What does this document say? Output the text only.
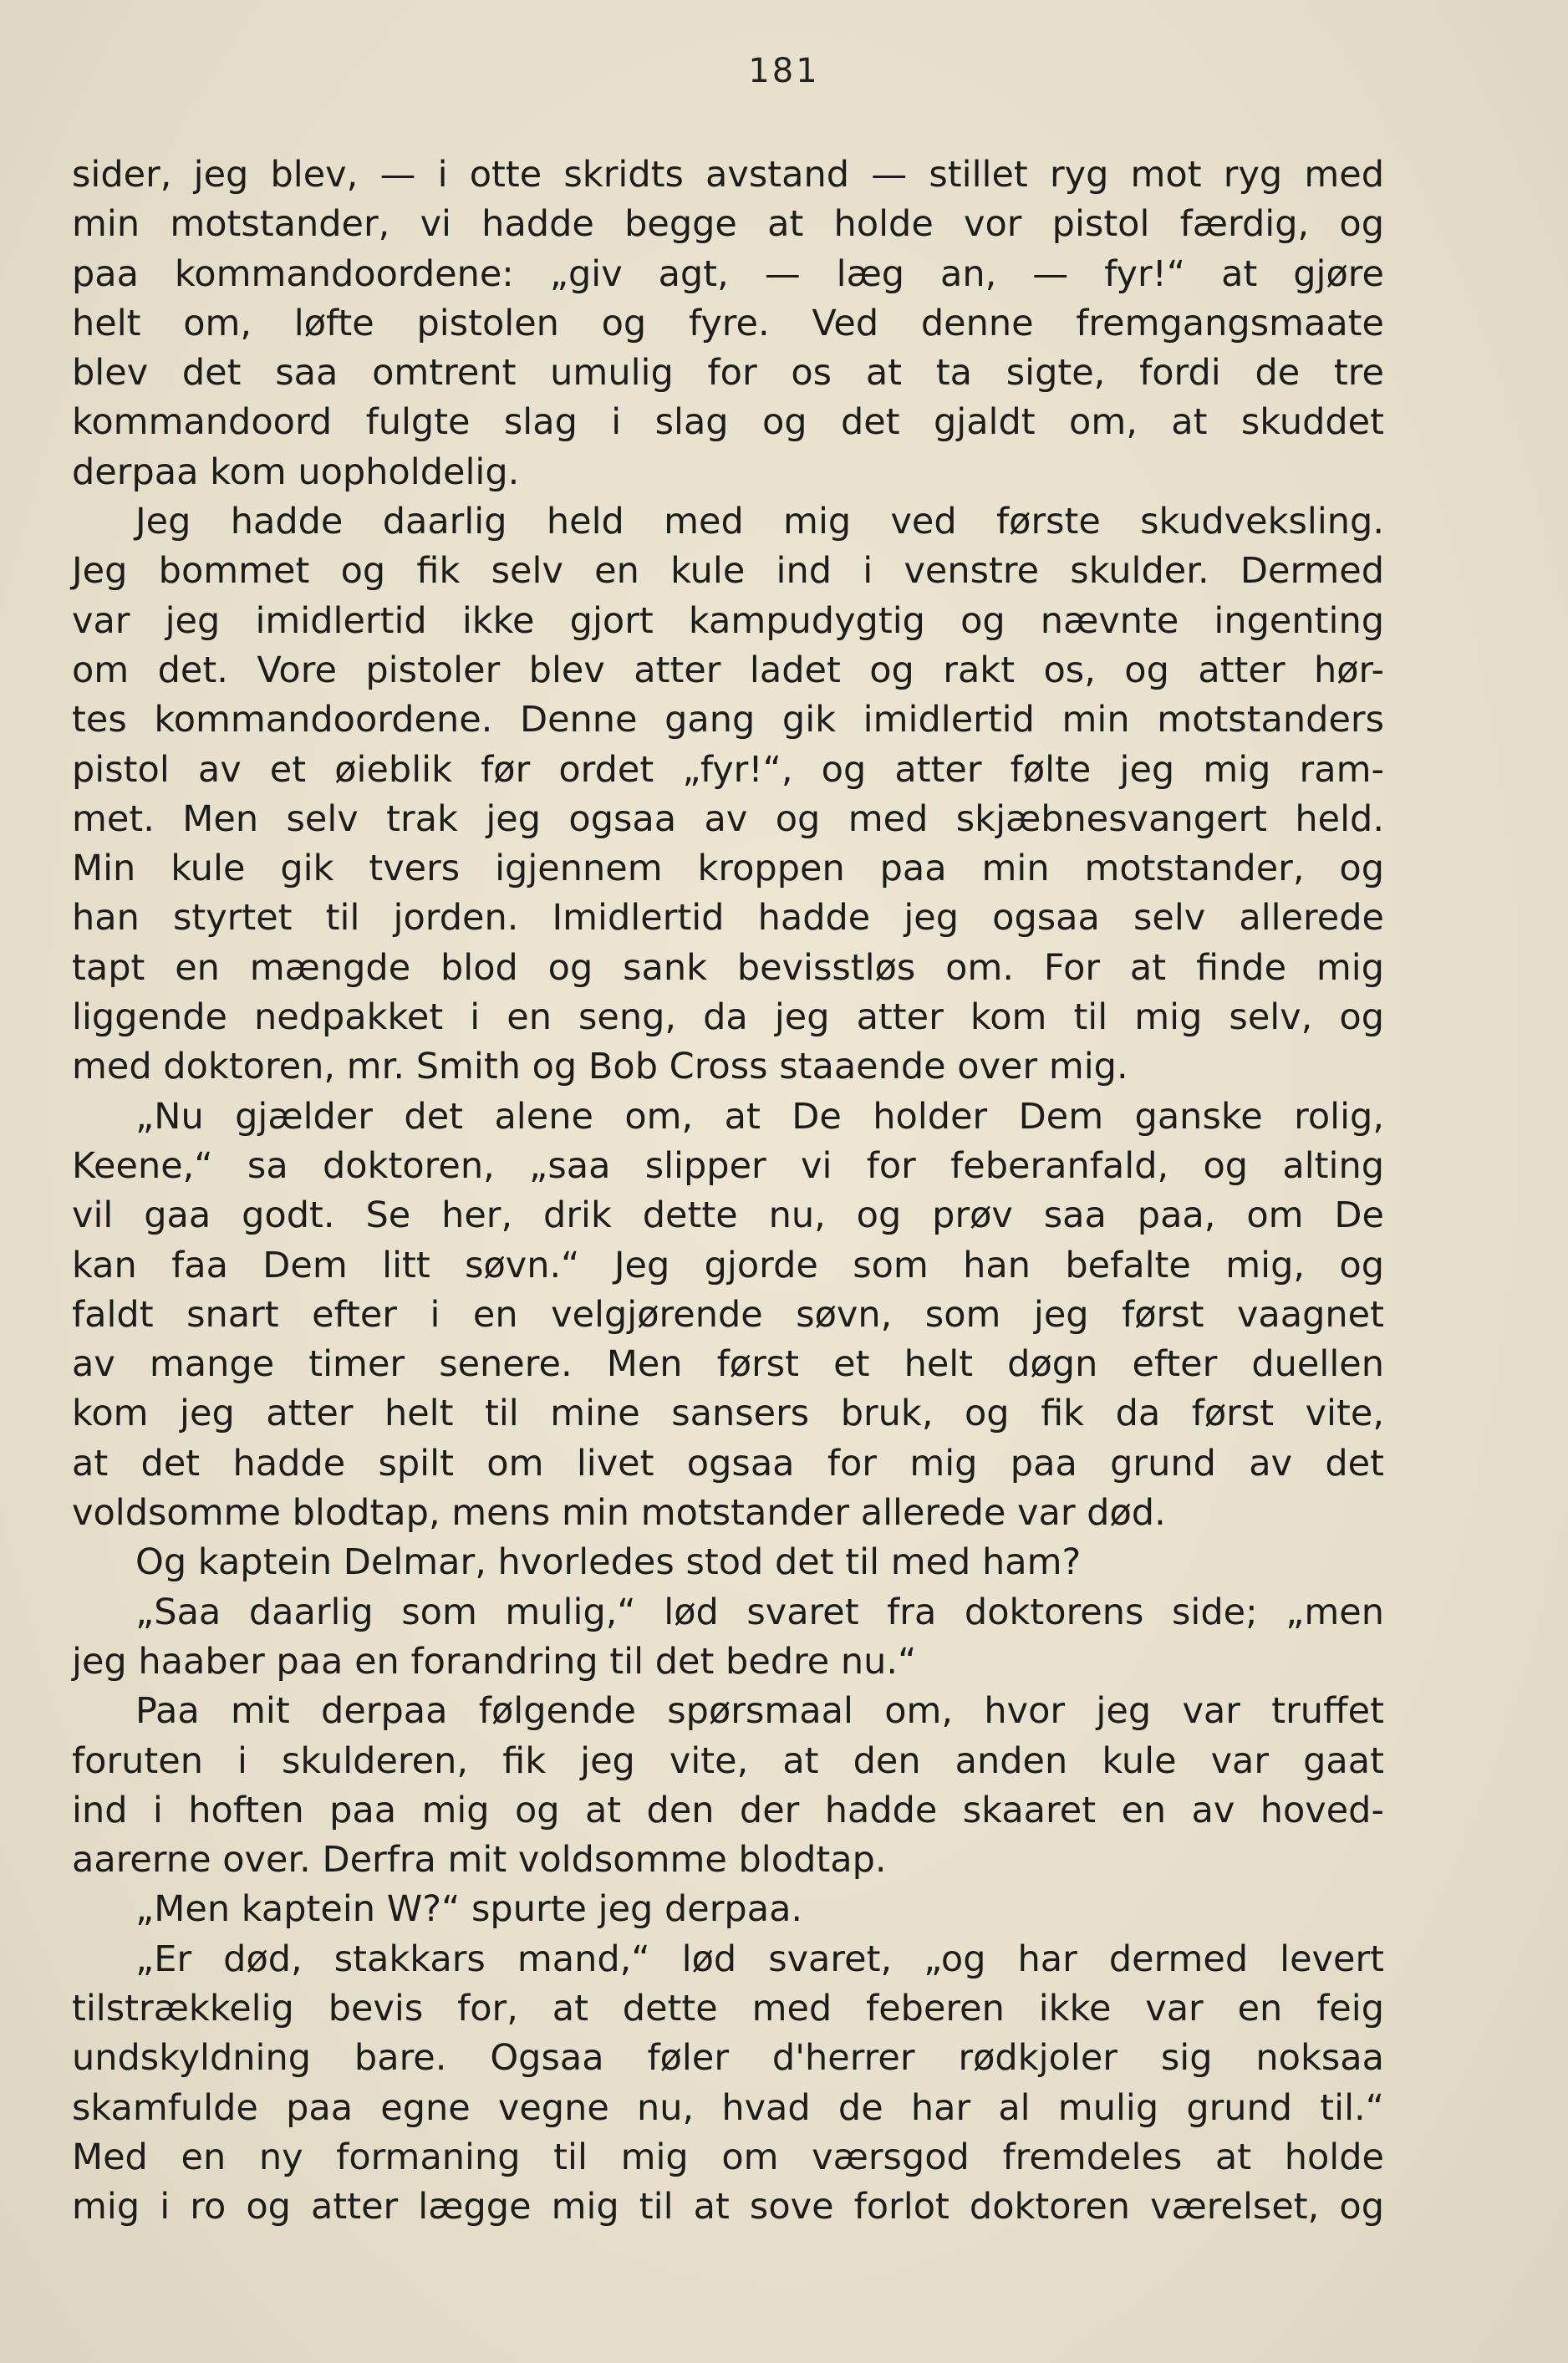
181
sider, jeg blev, — i otte skridts avstand — stillet ryg mot ryg med
min motstander, vi hadde begge at holde vor pistol færdig, og
paa kommandoordene: „giv agt, — læg an, — fyr!“ at gjøre
helt om, løfte pistolen og fyre. Ved denne fremgangsmaate
blev det saa omtrent umulig for os at ta sigte, fordi de tre
kommandoord fulgte slag i slag og det gjaldt om, at skuddet
derpaa kom uopholdelig.
Jeg hadde daarlig held med mig ved første skudveksling.
Jeg bommet og fik selv en kule ind i venstre skulder. Dermed
var jeg imidlertid ikke gjort kampudygtig og nævnte ingenting
om det. Vore pistoler blev atter ladet og rakt os, og atter hør-
tes kommandoordene. Denne gang gik imidlertid min motstanders
pistol av et øieblik før ordet „fyr!“, og atter følte jeg mig ram-
met. Men selv trak jeg ogsaa av og med skjæbnesvangert held.
Min kule gik tvers igjennem kroppen paa min motstander, og
han styrtet til jorden. Imidlertid hadde jeg ogsaa selv allerede
tapt en mængde blod og sank bevisstløs om. For at finde mig
liggende nedpakket i en seng, da jeg atter kom til mig selv, og
med doktoren, mr. Smith og Bob Cross staaende over mig.
„Nu gjælder det alene om, at De holder Dem ganske rolig,
Keene,“ sa doktoren, „saa slipper vi for feberanfald, og alting
vil gaa godt. Se her, drik dette nu, og prøv saa paa, om De
kan faa Dem litt søvn.“ Jeg gjorde som han befalte mig, og
faldt snart efter i en velgjørende søvn, som jeg først vaagnet
av mange timer senere. Men først et helt døgn efter duellen
kom jeg atter helt til mine sansers bruk, og fik da først vite,
at det hadde spilt om livet ogsaa for mig paa grund av det
voldsomme blodtap, mens min motstander allerede var død.
Og kaptein Delmar, hvorledes stod det til med ham?
„Saa daarlig som mulig,“ lød svaret fra doktorens side; „men
jeg haaber paa en forandring til det bedre nu.“
Paa mit derpaa følgende spørsmaal om, hvor jeg var truffet
foruten i skulderen, fik jeg vite, at den anden kule var gaat
ind i hoften paa mig og at den der hadde skaaret en av hoved-
aarerne over. Derfra mit voldsomme blodtap.
„Men kaptein W?“ spurte jeg derpaa.
„Er død, stakkars mand,“ lød svaret, „og har dermed levert
tilstrækkelig bevis for, at dette med feberen ikke var en feig
undskyldning bare. Ogsaa føler d'herrer rødkjoler sig noksaa
skamfulde paa egne vegne nu, hvad de har al mulig grund til.“
Med en ny formaning til mig om værsgod fremdeles at holde
mig i ro og atter lægge mig til at sove forlot doktoren værelset, og
